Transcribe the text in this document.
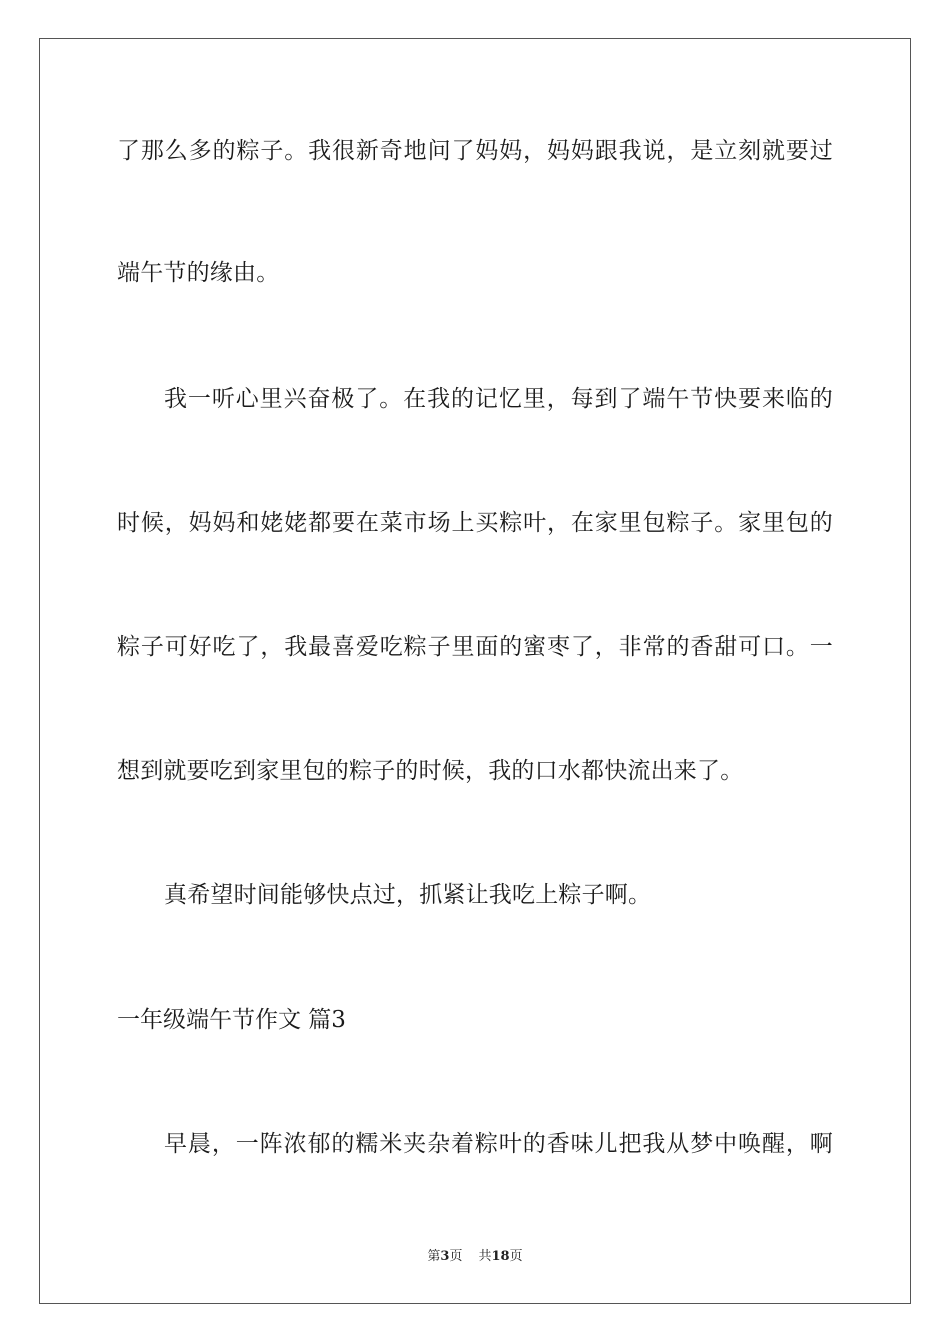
了那么多的粽子。我很新奇地问了妈妈，妈妈跟我说，是立刻就要过
端午节的缘由。
我一听心里兴奋极了。在我的记忆里，每到了端午节快要来临的
时候，妈妈和姥姥都要在菜市场上买粽叶，在家里包粽子。家里包的
粽子可好吃了，我最喜爱吃粽子里面的蜜枣了，非常的香甜可口。一
想到就要吃到家里包的粽子的时候，我的口水都快流出来了。
真希望时间能够快点过，抓紧让我吃上粽子啊。
一年级端午节作文 篇3
早晨，一阵浓郁的糯米夹杂着粽叶的香味儿把我从梦中唤醒，啊
第3页 共18页
